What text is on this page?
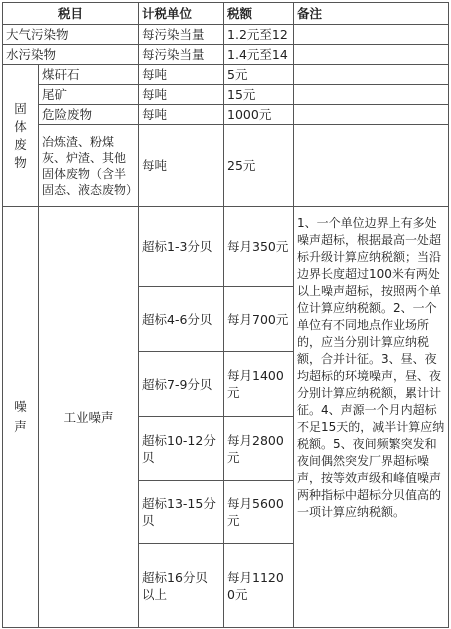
税目		计税单位	税额	备注
大气污染物		每污染当量	1.2元至12	
水污染物		每污染当量	1.4元至14	
固体废物	煤矸石	每吨	5元	
	尾矿	每吨	15元	
	危险废物	每吨	1000元	
	冶炼渣、粉煤灰、炉渣、其他固体废物（含半固态、液态废物）	每吨	25元	
噪声	工业噪声	超标1-3分贝	每月350元	1、一个单位边界上有多处噪声超标，根据最高一处超标升级计算应纳税额；当沿边界长度超过100米有两处以上噪声超标，按照两个单位计算应纳税额。2、一个单位有不同地点作业场所的，应当分别计算应纳税额，合并计征。3、昼、夜均超标的环境噪声，昼、夜分别计算应纳税额，累计计征。4、声源一个月内超标不足15天的，减半计算应纳税额。5、夜间频繁突发和夜间偶然突发厂界超标噪声，按等效声级和峰值噪声两种指标中超标分贝值高的一项计算应纳税额。
		超标4-6分贝	每月700元	
		超标7-9分贝	每月1400元	
		超标10-12分贝	每月2800元	
		超标13-15分贝	每月5600元	
		超标16分贝以上	每月11200元	
